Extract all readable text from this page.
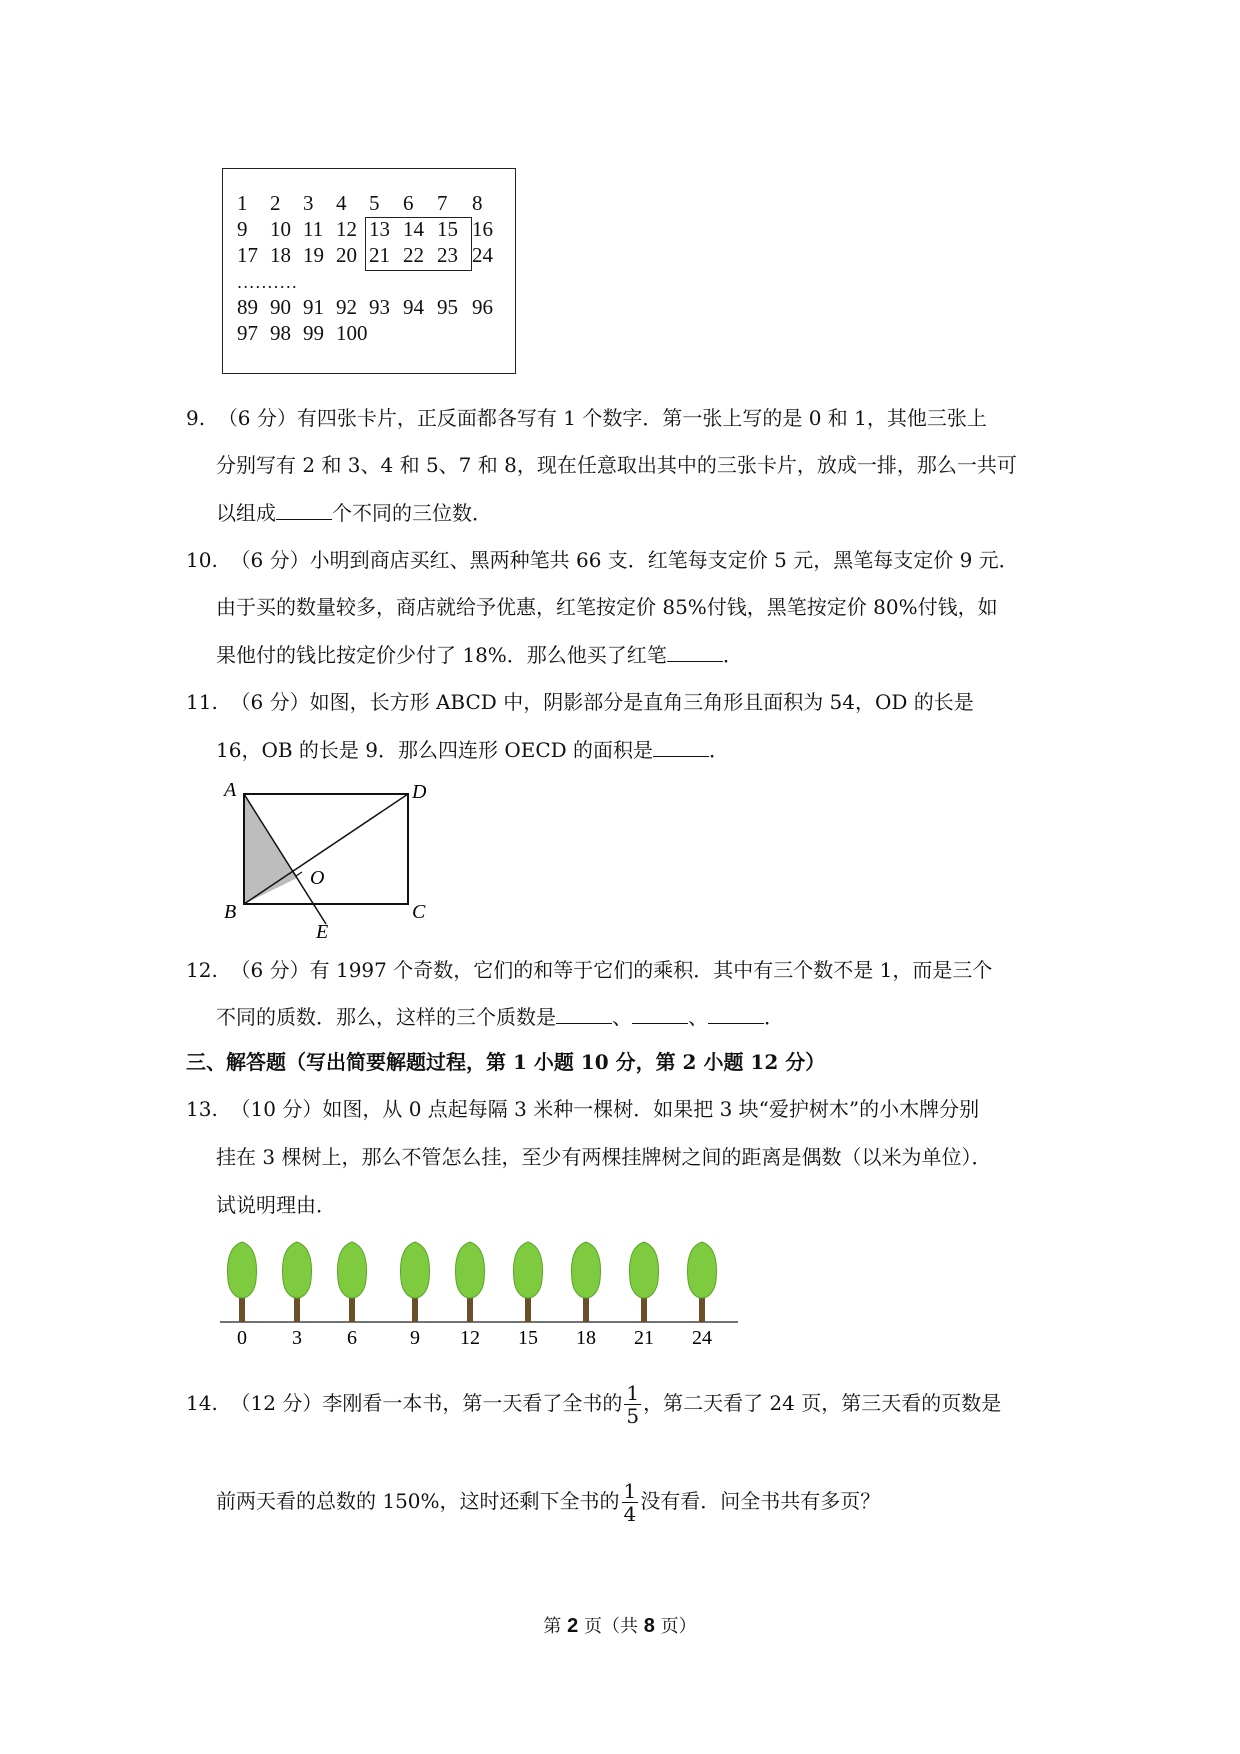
1 2 3 4 5 6 7 8
9 10 11 12 13 14 15 16
17 18 19 20 21 22 23 24
89 90 91 92 93 94 95 96
97 98 99 100
..........
9. （6 分）有四张卡片，正反面都各写有 1 个数字．第一张上写的是 0 和 1，其他三张上
分别写有 2 和 3、4 和 5、7 和 8，现在任意取出其中的三张卡片，放成一排，那么一共可
以组成	个不同的三位数．
10. （6 分）小明到商店买红、黑两种笔共 66 支．红笔每支定价 5 元，黑笔每支定价 9 元．
由于买的数量较多，商店就给予优惠，红笔按定价 85%付钱，黑笔按定价 80%付钱，如
果他付的钱比按定价少付了 18%．那么他买了红笔	．
11. （6 分）如图，长方形 ABCD 中，阴影部分是直角三角形且面积为 54，OD 的长是
16，OB 的长是 9．那么四连形 OECD 的面积是	．
A	D
B	C
O
E
12. （6 分）有 1997 个奇数，它们的和等于它们的乘积．其中有三个数不是 1，而是三个
不同的质数．那么，这样的三个质数是	、	、	．
三、解答题（写出简要解题过程，第 1 小题 10 分，第 2 小题 12 分）
13. （10 分）如图，从 0 点起每隔 3 米种一棵树．如果把 3 块“爱护树木”的小木牌分别
挂在 3 棵树上，那么不管怎么挂，至少有两棵挂牌树之间的距离是偶数（以米为单位）．
试说明理由．
0 3 6	9 12 15 18 21 24
14. （12 分）李刚看一本书，第一天看了全书的 $\frac{1}{5}$ ，第二天看了 24 页，第三天看的页数是
前两天看的总数的 150%，这时还剩下全书的 $\frac{1}{4}$ 没有看．问全书共有多页？
第 2 页（共 8 页）
